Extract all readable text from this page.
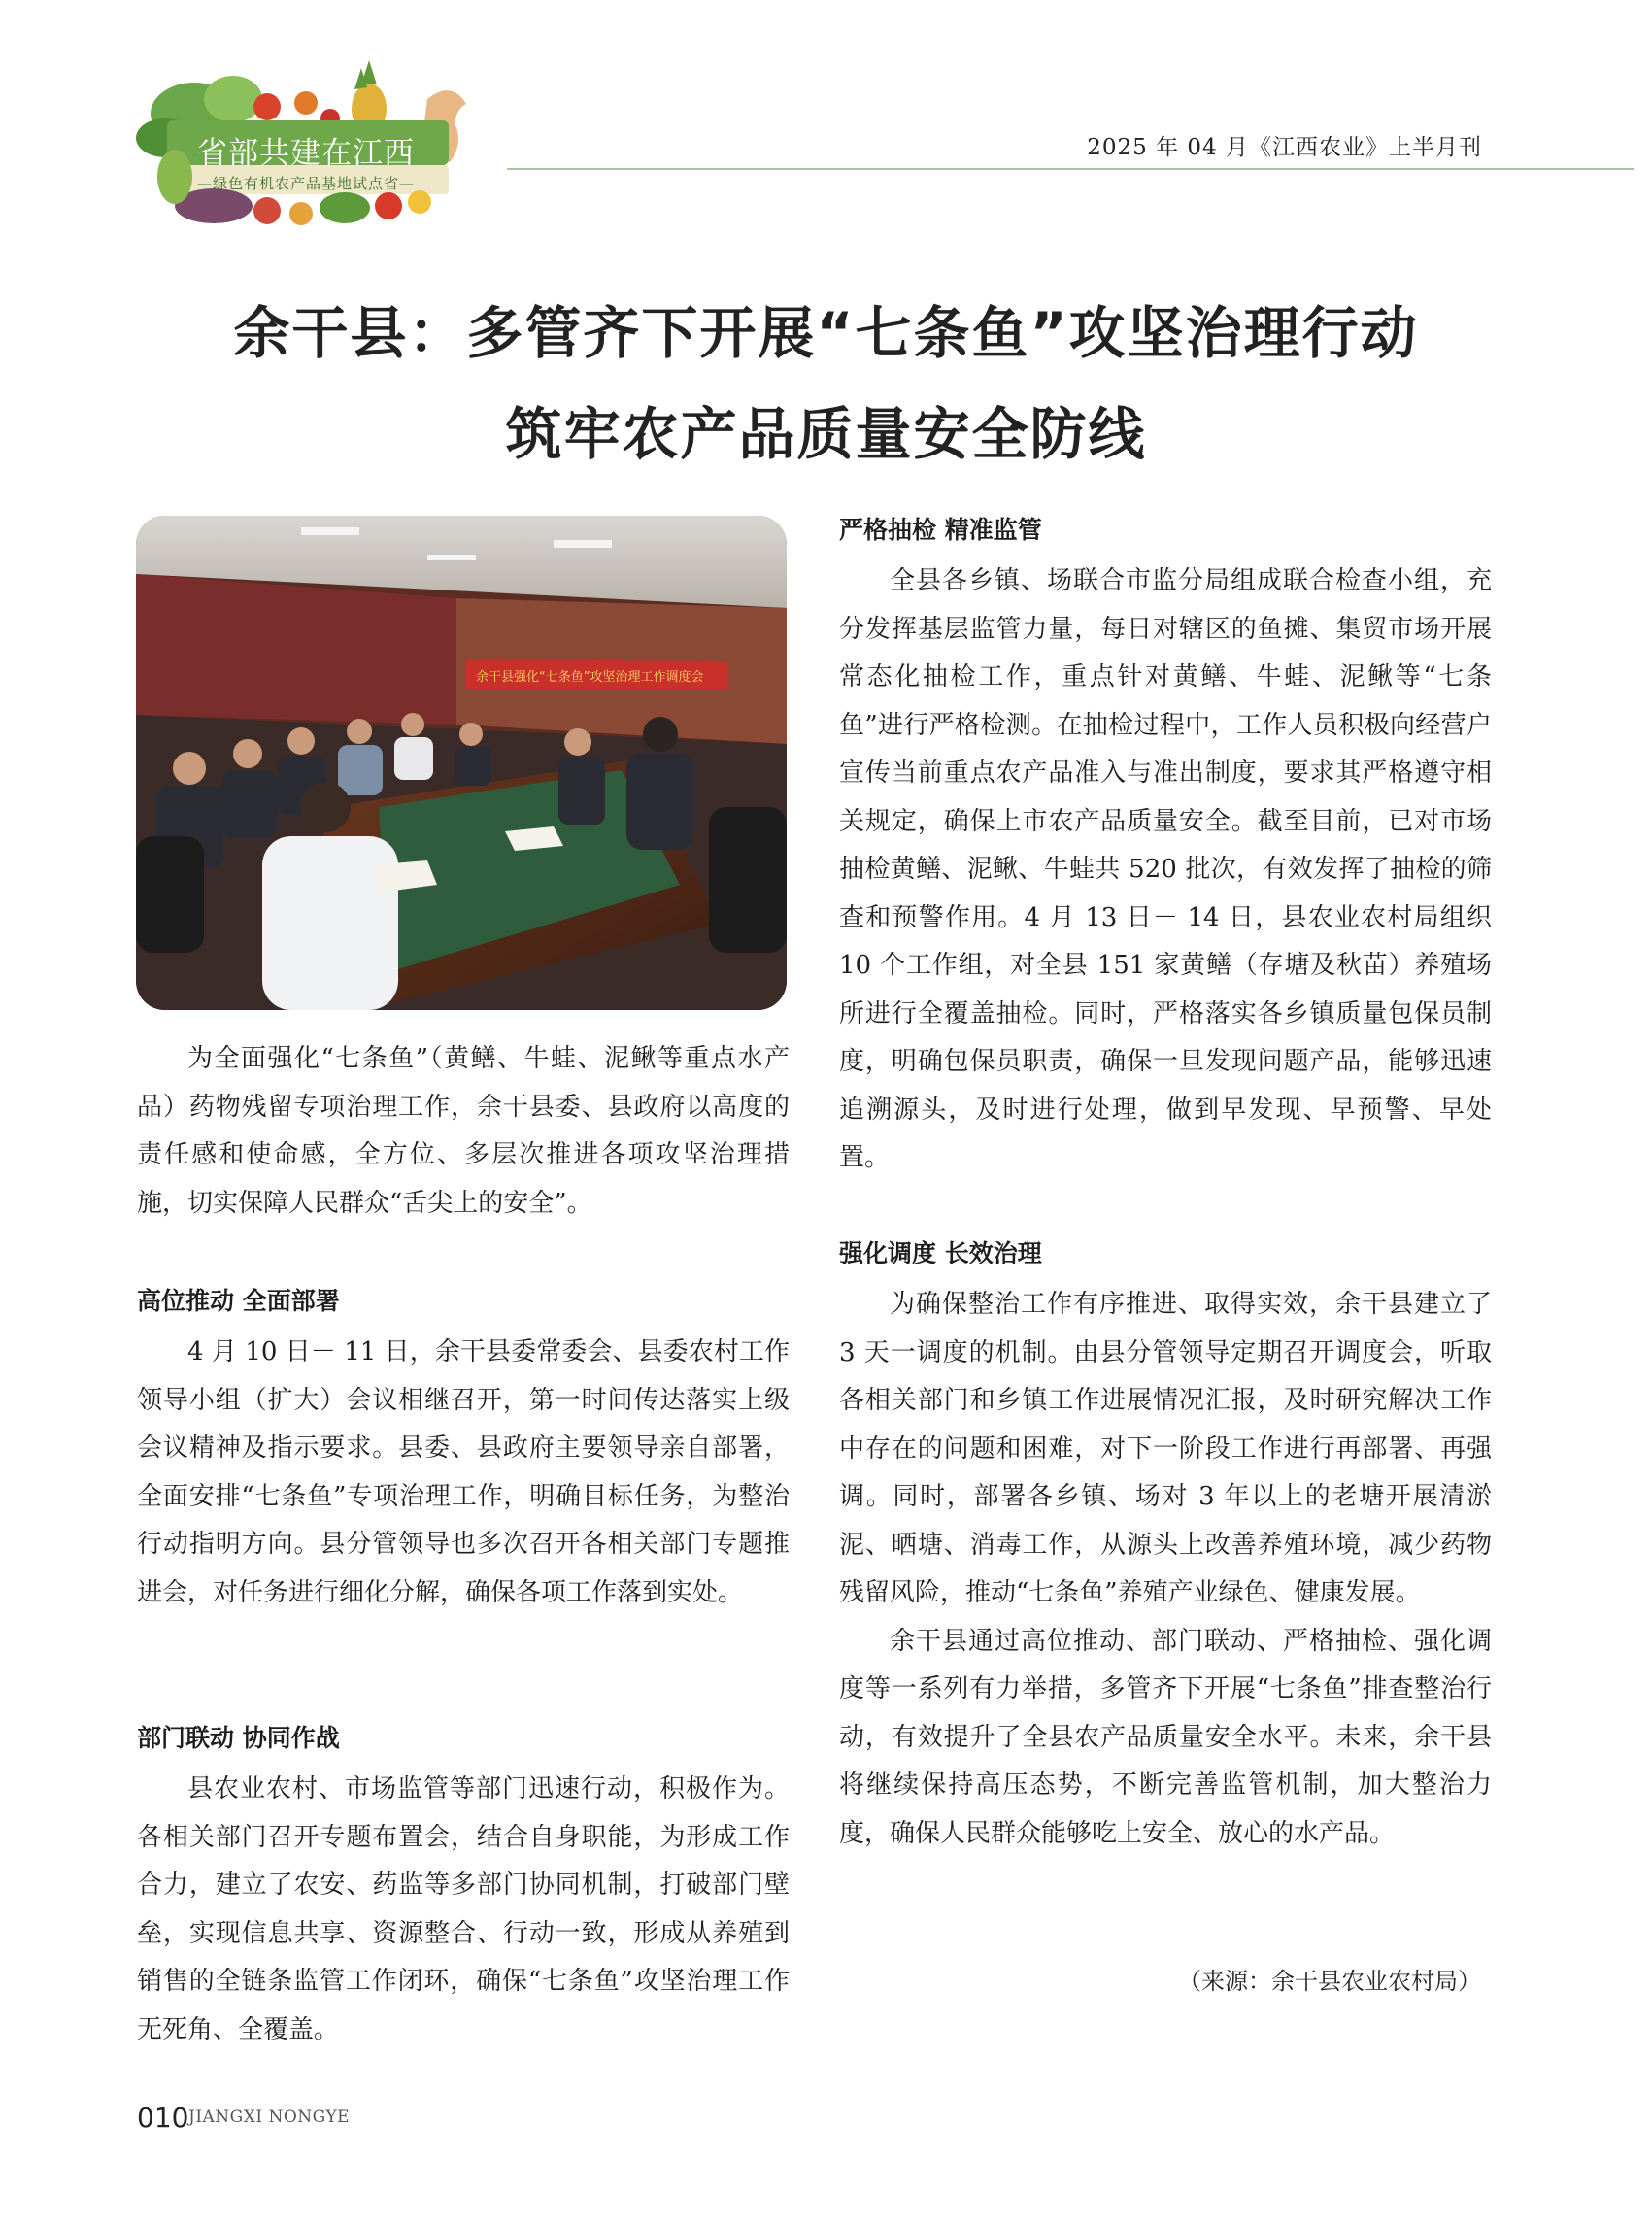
省部共建在江西
—绿色有机农产品基地试点省—
2025 年 04 月《江西农业》上半月刊
余干县：多管齐下开展“七条鱼”攻坚治理行动
筑牢农产品质量安全防线
余干县强化“七条鱼”攻坚治理工作调度会

为全面强化“七条鱼”（黄鳝、牛蛙、泥鳅等重点水产品）药物残留专项治理工作，余干县委、县政府以高度的责任感和使命感，全方位、多层次推进各项攻坚治理措施，切实保障人民群众“舌尖上的安全”。

高位推动 全面部署

4 月 10 日－ 11 日，余干县委常委会、县委农村工作领导小组（扩大）会议相继召开，第一时间传达落实上级会议精神及指示要求。县委、县政府主要领导亲自部署，全面安排“七条鱼”专项治理工作，明确目标任务，为整治行动指明方向。县分管领导也多次召开各相关部门专题推进会，对任务进行细化分解，确保各项工作落到实处。

部门联动 协同作战

县农业农村、市场监管等部门迅速行动，积极作为。各相关部门召开专题布置会，结合自身职能，为形成工作合力，建立了农安、药监等多部门协同机制，打破部门壁垒，实现信息共享、资源整合、行动一致，形成从养殖到销售的全链条监管工作闭环，确保“七条鱼”攻坚治理工作无死角、全覆盖。

严格抽检 精准监管

全县各乡镇、场联合市监分局组成联合检查小组，充分发挥基层监管力量，每日对辖区的鱼摊、集贸市场开展常态化抽检工作，重点针对黄鳝、牛蛙、泥鳅等“七条鱼”进行严格检测。在抽检过程中，工作人员积极向经营户宣传当前重点农产品准入与准出制度，要求其严格遵守相关规定，确保上市农产品质量安全。截至目前，已对市场抽检黄鳝、泥鳅、牛蛙共 520 批次，有效发挥了抽检的筛查和预警作用。4 月 13 日－ 14 日，县农业农村局组织 10 个工作组，对全县 151 家黄鳝（存塘及秋苗）养殖场所进行全覆盖抽检。同时，严格落实各乡镇质量包保员制度，明确包保员职责，确保一旦发现问题产品，能够迅速追溯源头，及时进行处理，做到早发现、早预警、早处置。

强化调度 长效治理

为确保整治工作有序推进、取得实效，余干县建立了 3 天一调度的机制。由县分管领导定期召开调度会，听取各相关部门和乡镇工作进展情况汇报，及时研究解决工作中存在的问题和困难，对下一阶段工作进行再部署、再强调。同时，部署各乡镇、场对 3 年以上的老塘开展清淤泥、晒塘、消毒工作，从源头上改善养殖环境，减少药物残留风险，推动“七条鱼”养殖产业绿色、健康发展。

余干县通过高位推动、部门联动、严格抽检、强化调度等一系列有力举措，多管齐下开展“七条鱼”排查整治行动，有效提升了全县农产品质量安全水平。未来，余干县将继续保持高压态势，不断完善监管机制，加大整治力度，确保人民群众能够吃上安全、放心的水产品。

（来源：余干县农业农村局）
010 JIANGXI NONGYE
